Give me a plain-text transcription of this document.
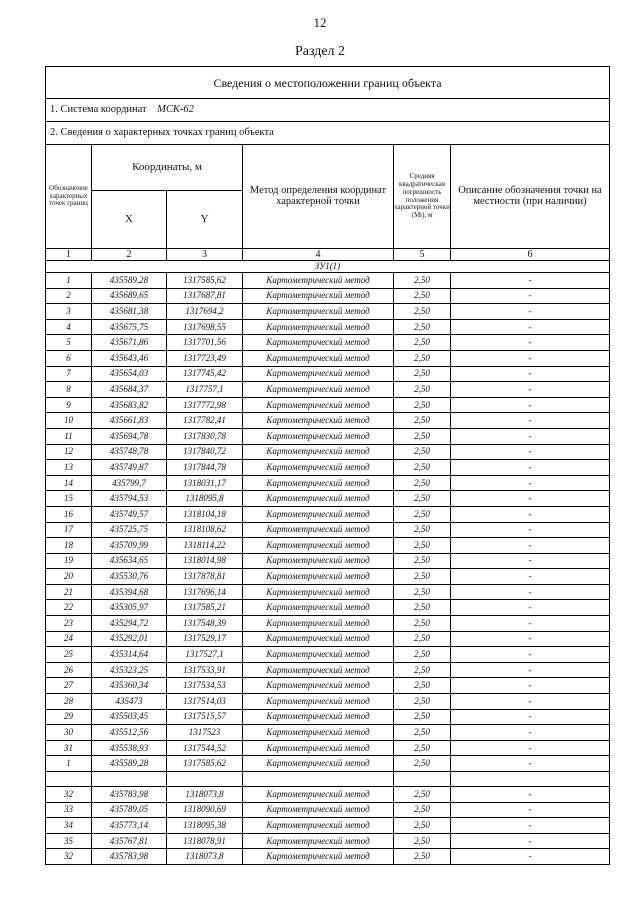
12
Раздел 2
Сведения о местоположении границ объекта					
1. Система координат МСК-62					
2. Сведения о характерных точках границ объекта					
Обозначение характерных точек границ	Координаты, м		Метод определения координат характерной точки	Средняя квадратическая погрешность положения характерной точки (Mt), м	Описание обозначения точки на местности (при наличии)
	X	Y			
1	2	3	4	5	6
ЗУ1(1)					
1	435589,28	1317585,62	Картометрический метод	2,50	-
2	435689,65	1317687,81	Картометрический метод	2,50	-
3	435681,38	1317694,2	Картометрический метод	2,50	-
4	435675,75	1317698,55	Картометрический метод	2,50	-
5	435671,86	1317701,56	Картометрический метод	2,50	-
6	435643,46	1317723,49	Картометрический метод	2,50	-
7	435654,03	1317745,42	Картометрический метод	2,50	-
8	435684,37	1317757,1	Картометрический метод	2,50	-
9	435683,82	1317772,98	Картометрический метод	2,50	-
10	435661,83	1317782,41	Картометрический метод	2,50	-
11	435694,78	1317830,78	Картометрический метод	2,50	-
12	435748,78	1317840,72	Картометрический метод	2,50	-
13	435749,87	1317844,78	Картометрический метод	2,50	-
14	435799,7	1318031,17	Картометрический метод	2,50	-
15	435794,53	1318095,8	Картометрический метод	2,50	-
16	435749,57	1318104,18	Картометрический метод	2,50	-
17	435725,75	1318108,62	Картометрический метод	2,50	-
18	435709,99	1318114,22	Картометрический метод	2,50	-
19	435634,65	1318014,98	Картометрический метод	2,50	-
20	435530,76	1317878,81	Картометрический метод	2,50	-
21	435394,68	1317696,14	Картометрический метод	2,50	-
22	435305,97	1317585,21	Картометрический метод	2,50	-
23	435294,72	1317548,39	Картометрический метод	2,50	-
24	435292,01	1317529,17	Картометрический метод	2,50	-
25	435314,64	1317527,1	Картометрический метод	2,50	-
26	435323,25	1317533,91	Картометрический метод	2,50	-
27	435360,34	1317534,53	Картометрический метод	2,50	-
28	435473	1317514,03	Картометрический метод	2,50	-
29	435503,45	1317515,57	Картометрический метод	2,50	-
30	435512,56	1317523	Картометрический метод	2,50	-
31	435538,93	1317544,52	Картометрический метод	2,50	-
1	435589,28	1317585,62	Картометрический метод	2,50	-

32	435783,98	1318073,8	Картометрический метод	2,50	-
33	435789,05	1318090,69	Картометрический метод	2,50	-
34	435773,14	1318095,38	Картометрический метод	2,50	-
35	435767,81	1318078,91	Картометрический метод	2,50	-
32	435783,98	1318073,8	Картометрический метод	2,50	-
